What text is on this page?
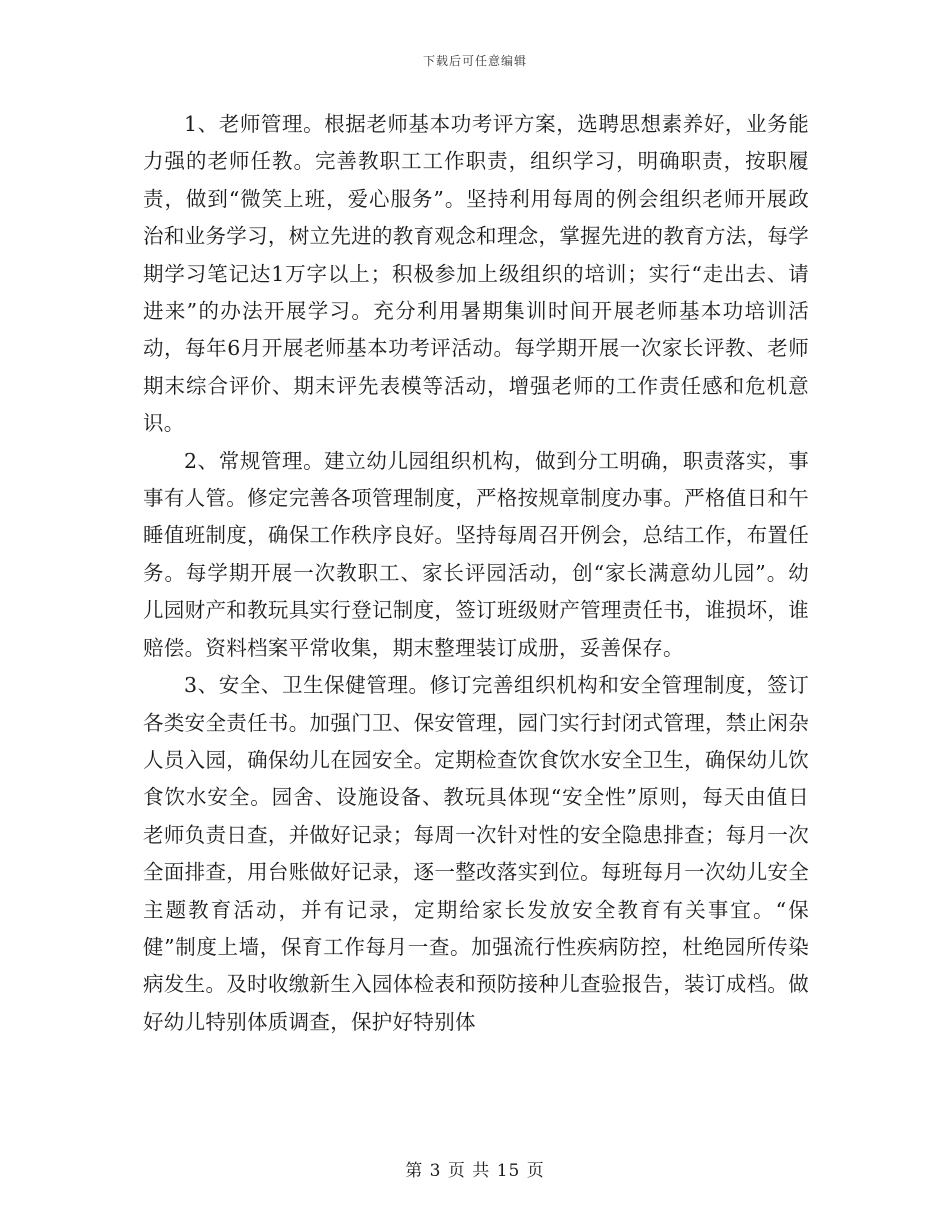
下载后可任意编辑

1、老师管理。根据老师基本功考评方案，选聘思想素养好，业务能力强的老师任教。完善教职工工作职责，组织学习，明确职责，按职履责，做到“微笑上班，爱心服务”。坚持利用每周的例会组织老师开展政治和业务学习，树立先进的教育观念和理念，掌握先进的教育方法，每学期学习笔记达1万字以上；积极参加上级组织的培训；实行“走出去、请进来”的办法开展学习。充分利用暑期集训时间开展老师基本功培训活动，每年6月开展老师基本功考评活动。每学期开展一次家长评教、老师期末综合评价、期末评先表模等活动，增强老师的工作责任感和危机意识。

2、常规管理。建立幼儿园组织机构，做到分工明确，职责落实，事事有人管。修定完善各项管理制度，严格按规章制度办事。严格值日和午睡值班制度，确保工作秩序良好。坚持每周召开例会，总结工作，布置任务。每学期开展一次教职工、家长评园活动，创“家长满意幼儿园”。幼儿园财产和教玩具实行登记制度，签订班级财产管理责任书，谁损坏，谁赔偿。资料档案平常收集，期末整理装订成册，妥善保存。

3、安全、卫生保健管理。修订完善组织机构和安全管理制度，签订各类安全责任书。加强门卫、保安管理，园门实行封闭式管理，禁止闲杂人员入园，确保幼儿在园安全。定期检查饮食饮水安全卫生，确保幼儿饮食饮水安全。园舍、设施设备、教玩具体现“安全性”原则，每天由值日老师负责日查，并做好记录；每周一次针对性的安全隐患排查；每月一次全面排查，用台账做好记录，逐一整改落实到位。每班每月一次幼儿安全主题教育活动，并有记录，定期给家长发放安全教育有关事宜。“保健”制度上墙，保育工作每月一查。加强流行性疾病防控，杜绝园所传染病发生。及时收缴新生入园体检表和预防接种儿查验报告，装订成档。做好幼儿特别体质调查，保护好特别体

第 3 页 共 15 页
